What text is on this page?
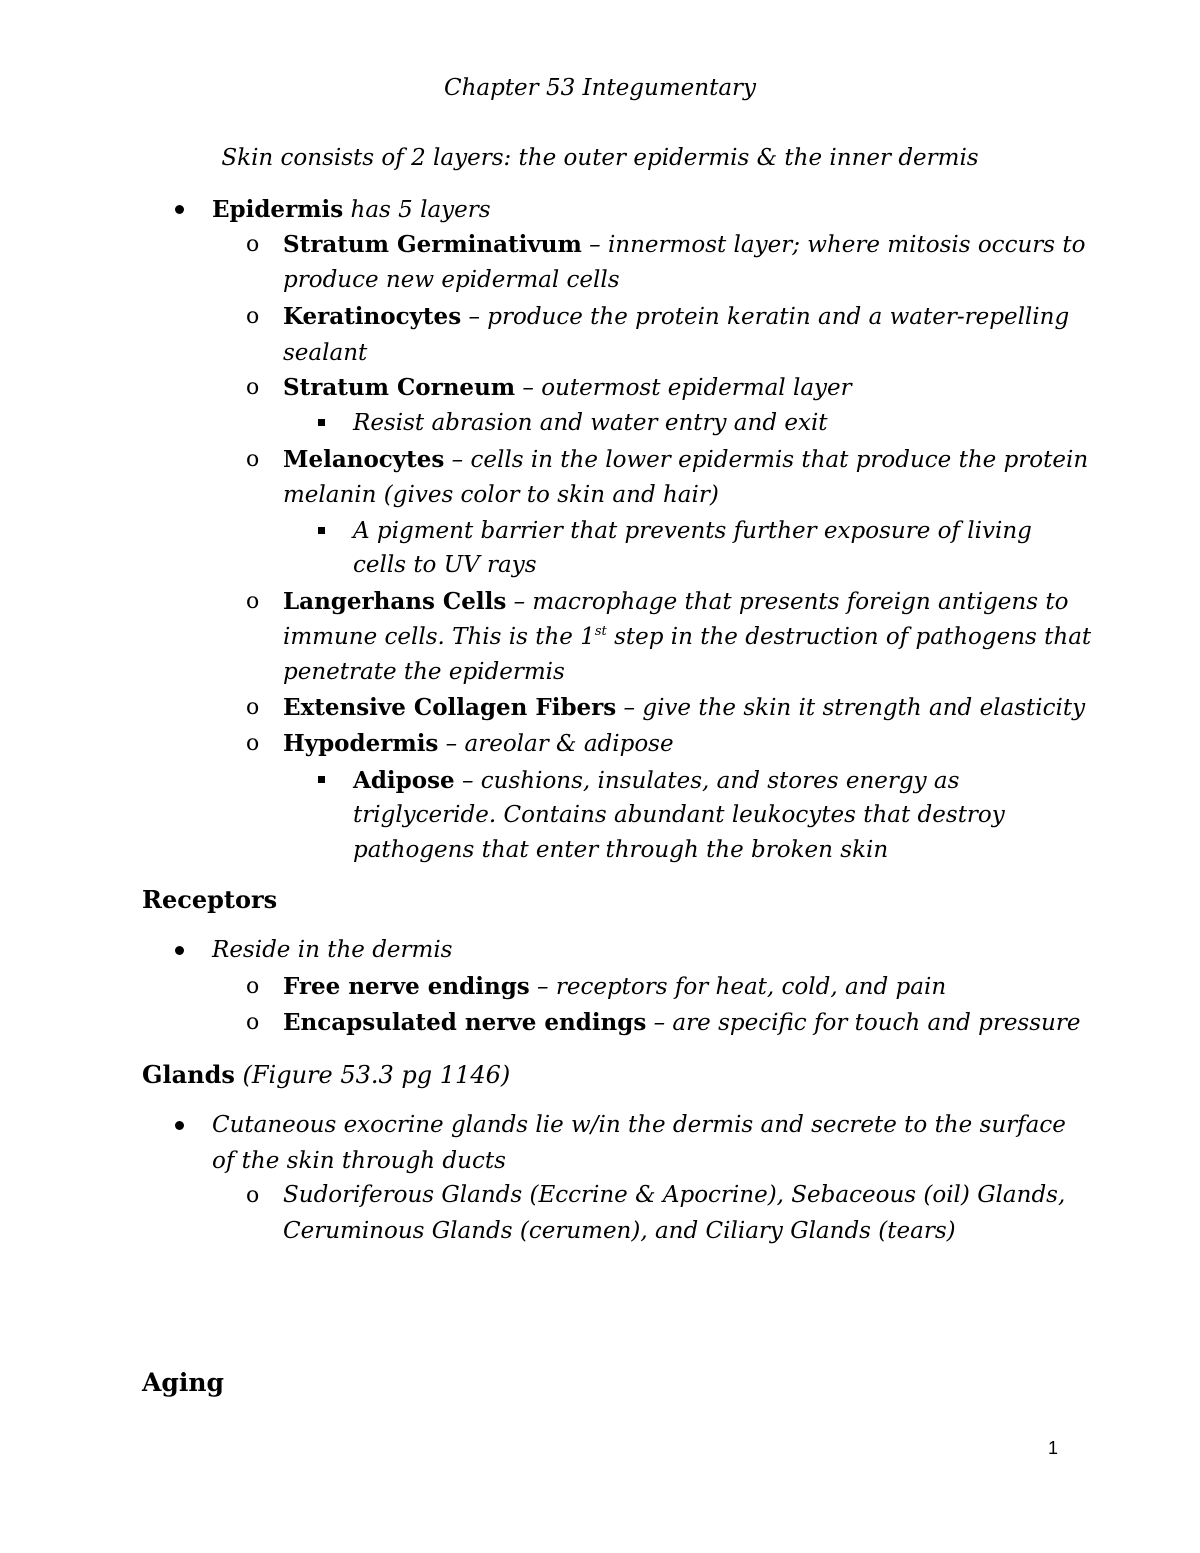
Chapter 53 Integumentary
Skin consists of 2 layers: the outer epidermis & the inner dermis
Epidermis has 5 layers
o Stratum Germinativum – innermost layer; where mitosis occurs to
produce new epidermal cells
o Keratinocytes – produce the protein keratin and a water-repelling
sealant
o Stratum Corneum – outermost epidermal layer
Resist abrasion and water entry and exit
o Melanocytes – cells in the lower epidermis that produce the protein
melanin (gives color to skin and hair)
A pigment barrier that prevents further exposure of living
cells to UV rays
o Langerhans Cells – macrophage that presents foreign antigens to
immune cells. This is the 1st step in the destruction of pathogens that
penetrate the epidermis
o Extensive Collagen Fibers – give the skin it strength and elasticity
o Hypodermis – areolar & adipose
Adipose – cushions, insulates, and stores energy as
triglyceride. Contains abundant leukocytes that destroy
pathogens that enter through the broken skin
Receptors
Reside in the dermis
o Free nerve endings – receptors for heat, cold, and pain
o Encapsulated nerve endings – are specific for touch and pressure
Glands (Figure 53.3 pg 1146)
Cutaneous exocrine glands lie w/in the dermis and secrete to the surface
of the skin through ducts
o Sudoriferous Glands (Eccrine & Apocrine), Sebaceous (oil) Glands,
Ceruminous Glands (cerumen), and Ciliary Glands (tears)
Aging
1
